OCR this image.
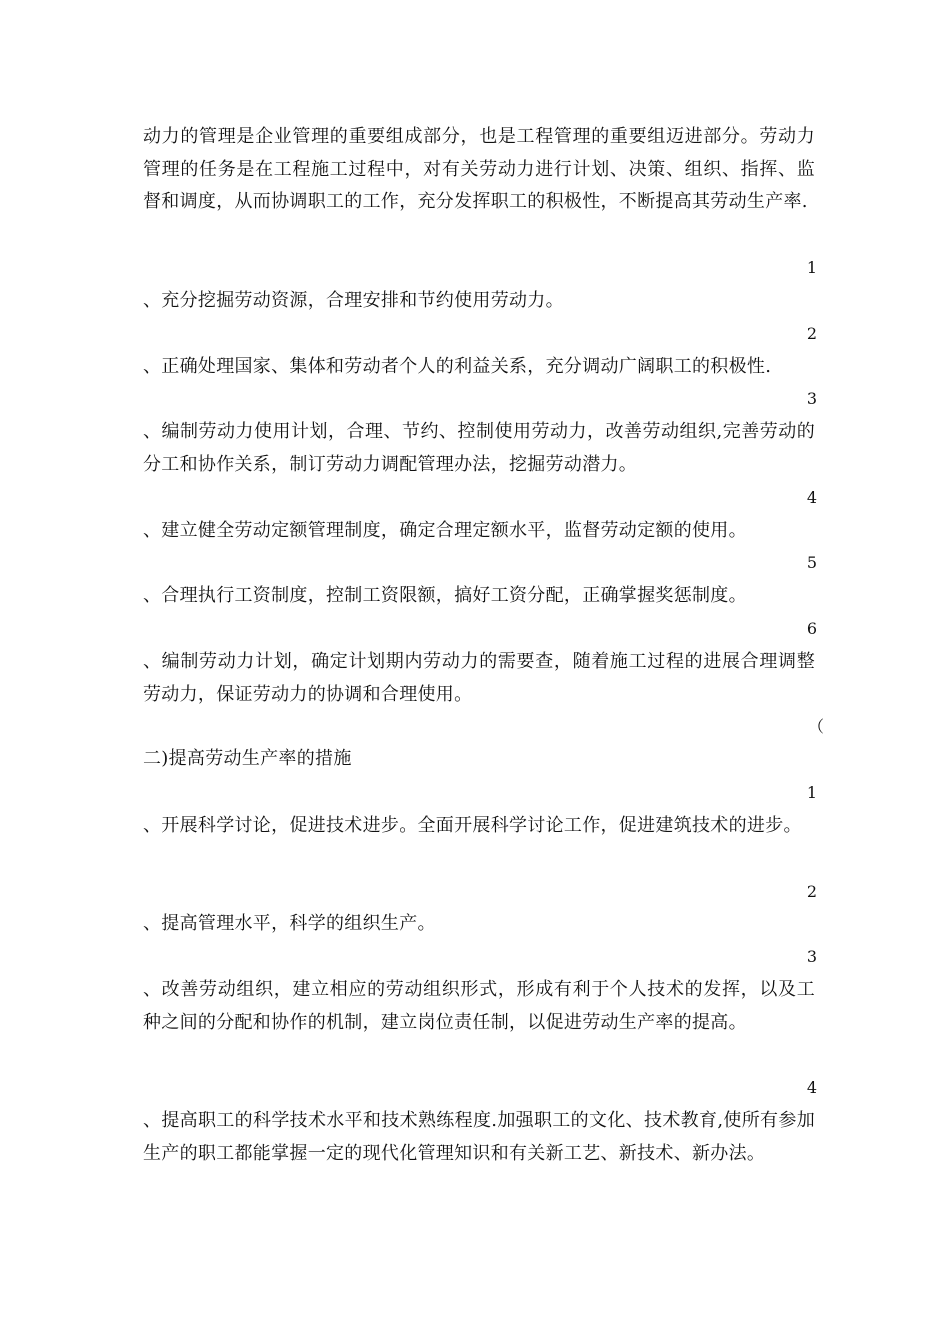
动力的管理是企业管理的重要组成部分，也是工程管理的重要组迈进部分。劳动力管理的任务是在工程施工过程中，对有关劳动力进行计划、决策、组织、指挥、监督和调度，从而协调职工的工作，充分发挥职工的积极性，不断提高其劳动生产率.

1

、充分挖掘劳动资源，合理安排和节约使用劳动力。

2

、正确处理国家、集体和劳动者个人的利益关系，充分调动广阔职工的积极性.

3

、编制劳动力使用计划，合理、节约、控制使用劳动力，改善劳动组织,完善劳动的分工和协作关系，制订劳动力调配管理办法，挖掘劳动潜力。

4

、建立健全劳动定额管理制度，确定合理定额水平，监督劳动定额的使用。

5

、合理执行工资制度，控制工资限额，搞好工资分配，正确掌握奖惩制度。

6

、编制劳动力计划，确定计划期内劳动力的需要查，随着施工过程的进展合理调整劳动力，保证劳动力的协调和合理使用。

（

二)提高劳动生产率的措施

1

、开展科学讨论，促进技术进步。全面开展科学讨论工作，促进建筑技术的进步。

2

、提高管理水平，科学的组织生产。

3

、改善劳动组织，建立相应的劳动组织形式，形成有利于个人技术的发挥，以及工种之间的分配和协作的机制，建立岗位责任制，以促进劳动生产率的提高。

4

、提高职工的科学技术水平和技术熟练程度.加强职工的文化、技术教育,使所有参加生产的职工都能掌握一定的现代化管理知识和有关新工艺、新技术、新办法。
